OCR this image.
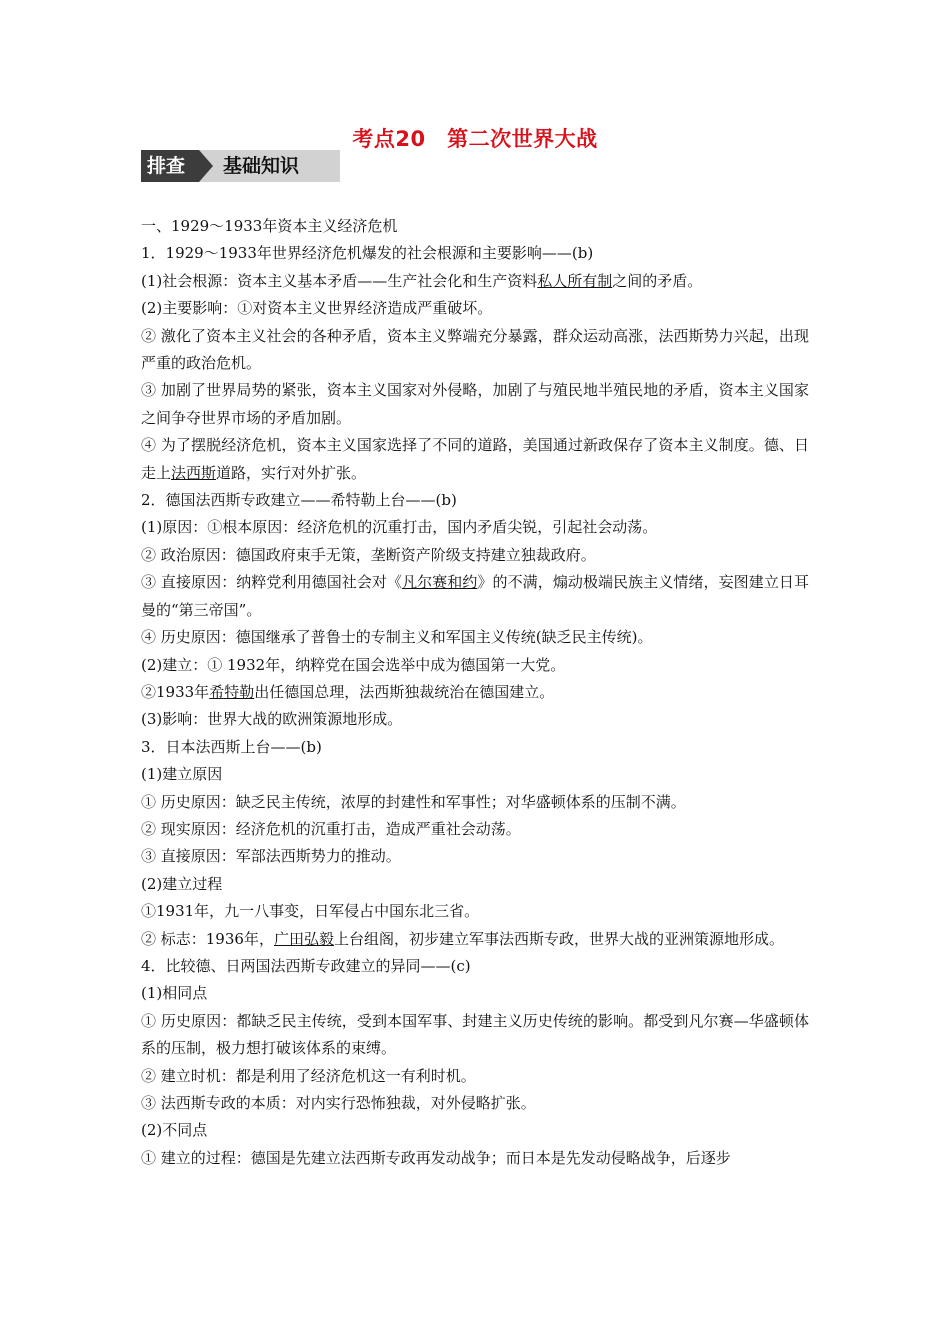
考点20　第二次世界大战
排查	基础知识

一、1929～1933年资本主义经济危机

1．1929～1933年世界经济危机爆发的社会根源和主要影响——(b)

(1)社会根源：资本主义基本矛盾——生产社会化和生产资料私人所有制之间的矛盾。

(2)主要影响：①对资本主义世界经济造成严重破坏。

② 激化了资本主义社会的各种矛盾，资本主义弊端充分暴露，群众运动高涨，法西斯势力兴起，出现严重的政治危机。

③ 加剧了世界局势的紧张，资本主义国家对外侵略，加剧了与殖民地半殖民地的矛盾，资本主义国家之间争夺世界市场的矛盾加剧。

④ 为了摆脱经济危机，资本主义国家选择了不同的道路，美国通过新政保存了资本主义制度。德、日走上法西斯道路，实行对外扩张。

2．德国法西斯专政建立——希特勒上台——(b)

(1)原因：①根本原因：经济危机的沉重打击，国内矛盾尖锐，引起社会动荡。

② 政治原因：德国政府束手无策，垄断资产阶级支持建立独裁政府。

③ 直接原因：纳粹党利用德国社会对《凡尔赛和约》的不满，煽动极端民族主义情绪，妄图建立日耳曼的“第三帝国”。

④ 历史原因：德国继承了普鲁士的专制主义和军国主义传统(缺乏民主传统)。

(2)建立：① 1932年，纳粹党在国会选举中成为德国第一大党。

②1933年希特勒出任德国总理，法西斯独裁统治在德国建立。

(3)影响：世界大战的欧洲策源地形成。

3．日本法西斯上台——(b)

(1)建立原因

① 历史原因：缺乏民主传统，浓厚的封建性和军事性；对华盛顿体系的压制不满。

② 现实原因：经济危机的沉重打击，造成严重社会动荡。

③ 直接原因：军部法西斯势力的推动。

(2)建立过程

①1931年，九一八事变，日军侵占中国东北三省。

② 标志：1936年，广田弘毅上台组阁，初步建立军事法西斯专政，世界大战的亚洲策源地形成。

4．比较德、日两国法西斯专政建立的异同——(c)

(1)相同点

① 历史原因：都缺乏民主传统，受到本国军事、封建主义历史传统的影响。都受到凡尔赛—华盛顿体系的压制，极力想打破该体系的束缚。

② 建立时机：都是利用了经济危机这一有利时机。

③ 法西斯专政的本质：对内实行恐怖独裁，对外侵略扩张。

(2)不同点

① 建立的过程：德国是先建立法西斯专政再发动战争；而日本是先发动侵略战争，后逐步
